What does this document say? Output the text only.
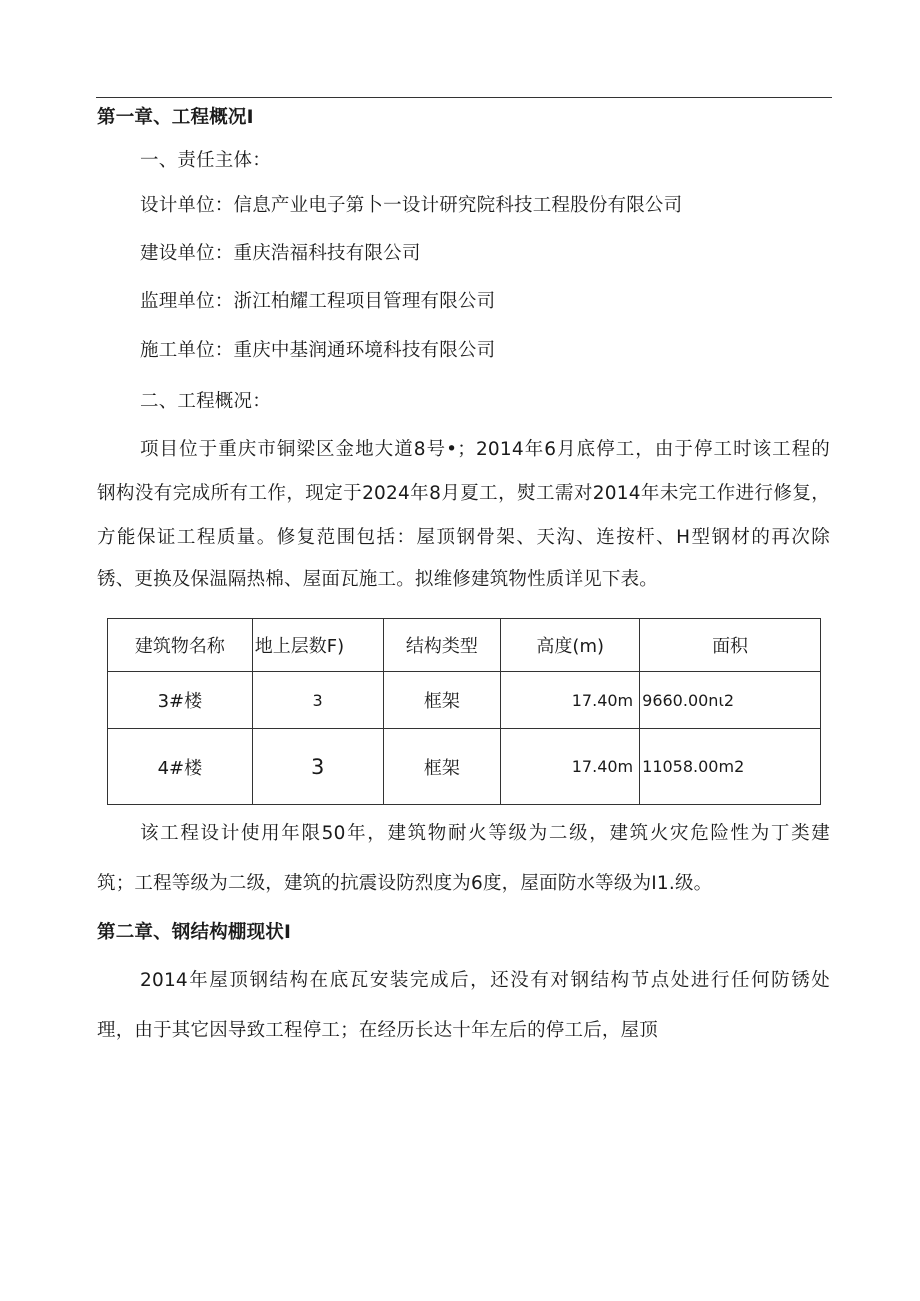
第一章、工程概况I
一、责任主体：
设计单位：信息产业电子第卜一设计研究院科技工程股份有限公司
建设单位：重庆浩福科技有限公司
监理单位：浙江柏耀工程项目管理有限公司
施工单位：重庆中基润通环境科技有限公司
二、工程概况：
项目位于重庆市铜梁区金地大道8号•；2014年6月底停工，由于停工时该工程的
钢构没有完成所有工作，现定于2024年8月夏工，熨工需对2014年未完工作进行修复，
方能保证工程质量。修复范围包括：屋顶钢骨架、天沟、连按杆、H型钢材的再次除
锈、更换及保温隔热棉、屋面瓦施工。拟维修建筑物性质详见下表。
建筑物名称	地上层数F)	结构类型	高度(m)	面积
3#楼	3	框架	17.40m	9660.00nι2
4#楼	3	框架	17.40m	11058.00m2
该工程设计使用年限50年，建筑物耐火等级为二级，建筑火灾危险性为丁类建
筑；工程等级为二级，建筑的抗震设防烈度为6度，屋面防水等级为I1.级。
第二章、钢结构棚现状I
2014年屋顶钢结构在底瓦安装完成后，还没有对钢结构节点处进行任何防锈处
理，由于其它因导致工程停工；在经历长达十年左后的停工后，屋顶
